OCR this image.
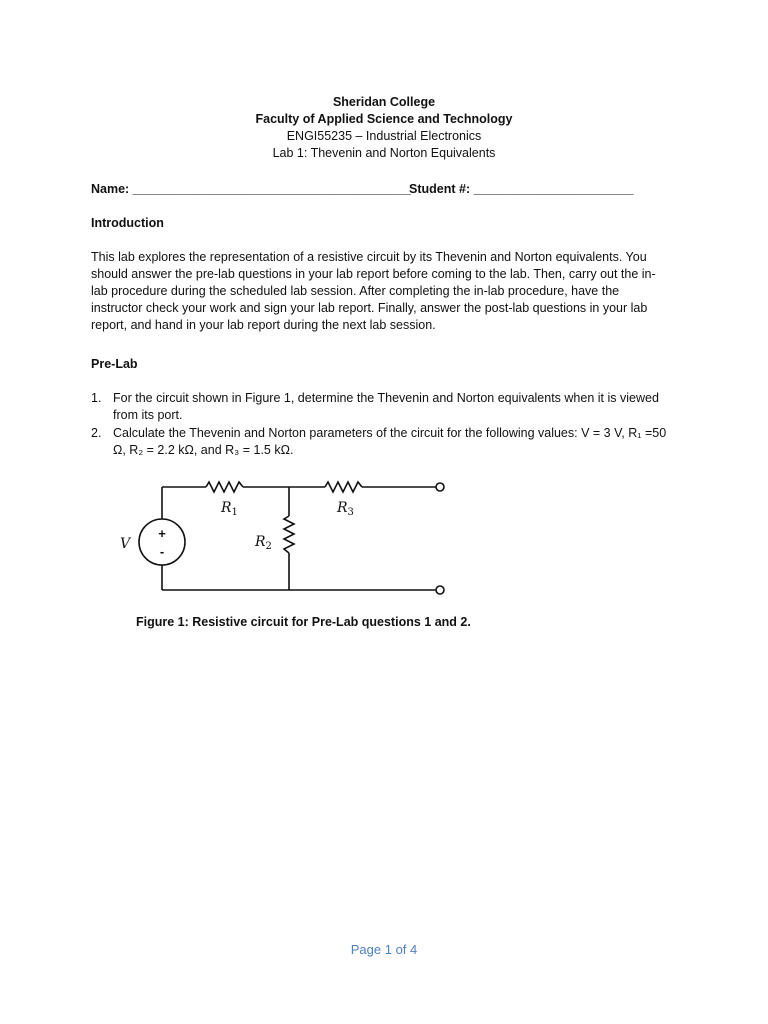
Sheridan College
Faculty of Applied Science and Technology
ENGI55235 – Industrial Electronics
Lab 1: Thevenin and Norton Equivalents
Name: ________________________________________
Student #: _______________________
Introduction
This lab explores the representation of a resistive circuit by its Thevenin and Norton equivalents. You
should answer the pre-lab questions in your lab report before coming to the lab. Then, carry out the in-
lab procedure during the scheduled lab session. After completing the in-lab procedure, have the
instructor check your work and sign your lab report. Finally, answer the post-lab questions in your lab
report, and hand in your lab report during the next lab session.
Pre-Lab
1. For the circuit shown in Figure 1, determine the Thevenin and Norton equivalents when it is viewed
from its port.
2. Calculate the Thevenin and Norton parameters of the circuit for the following values: V = 3 V, R₁ =50
Ω, R₂ = 2.2 kΩ, and R₃ = 1.5 kΩ.
V
$R_1$	$R_3$
$R_2$
+
-
Figure 1: Resistive circuit for Pre-Lab questions 1 and 2.
Page 1 of 4
